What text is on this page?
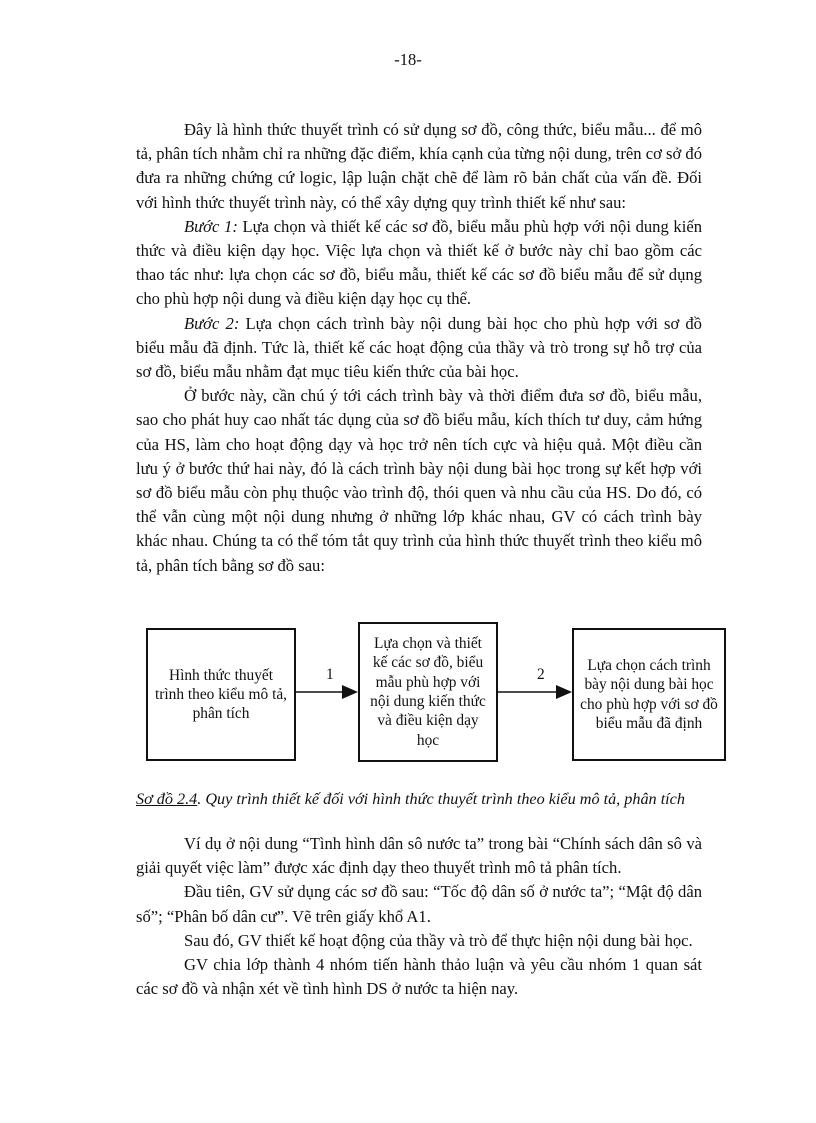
-18-

Đây là hình thức thuyết trình có sử dụng sơ đồ, công thức, biểu mẫu... để mô tả, phân tích nhằm chỉ ra những đặc điểm, khía cạnh của từng nội dung, trên cơ sở đó đưa ra những chứng cứ logic, lập luận chặt chẽ để làm rõ bản chất của vấn đề. Đối với hình thức thuyết trình này, có thể xây dựng quy trình thiết kế như sau:

Bước 1: Lựa chọn và thiết kế các sơ đồ, biểu mẫu phù hợp với nội dung kiến thức và điều kiện dạy học. Việc lựa chọn và thiết kế ở bước này chỉ bao gồm các thao tác như: lựa chọn các sơ đồ, biểu mẫu, thiết kế các sơ đồ biểu mẫu để sử dụng cho phù hợp nội dung và điều kiện dạy học cụ thể.

Bước 2: Lựa chọn cách trình bày nội dung bài học cho phù hợp với sơ đồ biểu mẫu đã định. Tức là, thiết kế các hoạt động của thầy và trò trong sự hỗ trợ của sơ đồ, biểu mẫu nhằm đạt mục tiêu kiến thức của bài học.

Ở bước này, cần chú ý tới cách trình bày và thời điểm đưa sơ đồ, biểu mẫu, sao cho phát huy cao nhất tác dụng của sơ đồ biểu mẫu, kích thích tư duy, cảm hứng của HS, làm cho hoạt động dạy và học trở nên tích cực và hiệu quả. Một điều cần lưu ý ở bước thứ hai này, đó là cách trình bày nội dung bài học trong sự kết hợp với sơ đồ biểu mẫu còn phụ thuộc vào trình độ, thói quen và nhu cầu của HS. Do đó, có thể vẫn cùng một nội dung nhưng ở những lớp khác nhau, GV có cách trình bày khác nhau. Chúng ta có thể tóm tắt quy trình của hình thức thuyết trình theo kiểu mô tả, phân tích bằng sơ đồ sau:

Hình thức thuyết trình theo kiểu mô tả, phân tích
1
Lựa chọn và thiết kế các sơ đồ, biểu mẫu phù hợp với nội dung kiến thức và điều kiện dạy học
2
Lựa chọn cách trình bày nội dung bài học cho phù hợp với sơ đồ biểu mẫu đã định
Sơ đồ 2.4. Quy trình thiết kế đối với hình thức thuyết trình theo kiểu mô tả, phân tích

Ví dụ ở nội dung “Tình hình dân sô nước ta” trong bài “Chính sách dân sô và giải quyết việc làm” được xác định dạy theo thuyết trình mô tả phân tích.

Đầu tiên, GV sử dụng các sơ đồ sau: “Tốc độ dân số ở nước ta”; “Mật độ dân số”; “Phân bố dân cư”. Vẽ trên giấy khổ A1.

Sau đó, GV thiết kế hoạt động của thầy và trò để thực hiện nội dung bài học.

GV chia lớp thành 4 nhóm tiến hành thảo luận và yêu cầu nhóm 1 quan sát các sơ đồ và nhận xét về tình hình DS ở nước ta hiện nay.
